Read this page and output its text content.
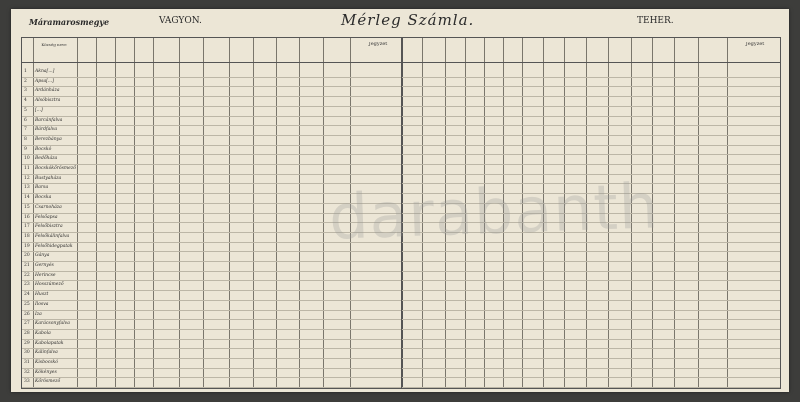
Máramarosmegye	VAGYON.	Mérleg Számla.	TEHER.
Község neve	Jegyzet
1 Akna[...]
2 Apsa[...]
3 Ardánháza
4 Alsóbisztra
5 [...]
6 Barcánfalva
7 Bárdfalva
8 Berezbánya
9 Bocskó
10 Bedőháza
11 Bocskókőrösmező
12 Bustyaháza
13 Barsa
14 Bocska
15 Csarnoháza
16 Felsőapsa
17 Felsőbisztra
18 Felsőkálinfalva
19 Felsőhidegpatak
20 Gánya
21 Gernyés
22 Herincse
23 Hosszúmező
24 Huszt
25 Ilosva
26 Iza
27 Karácsonyfalva
28 Kabola
29 Kabolapatak
30 Kálinfalva
31 Kisbocskó
32 Kökényes
33 Kőrösmező
Jegyzet
darabanth
